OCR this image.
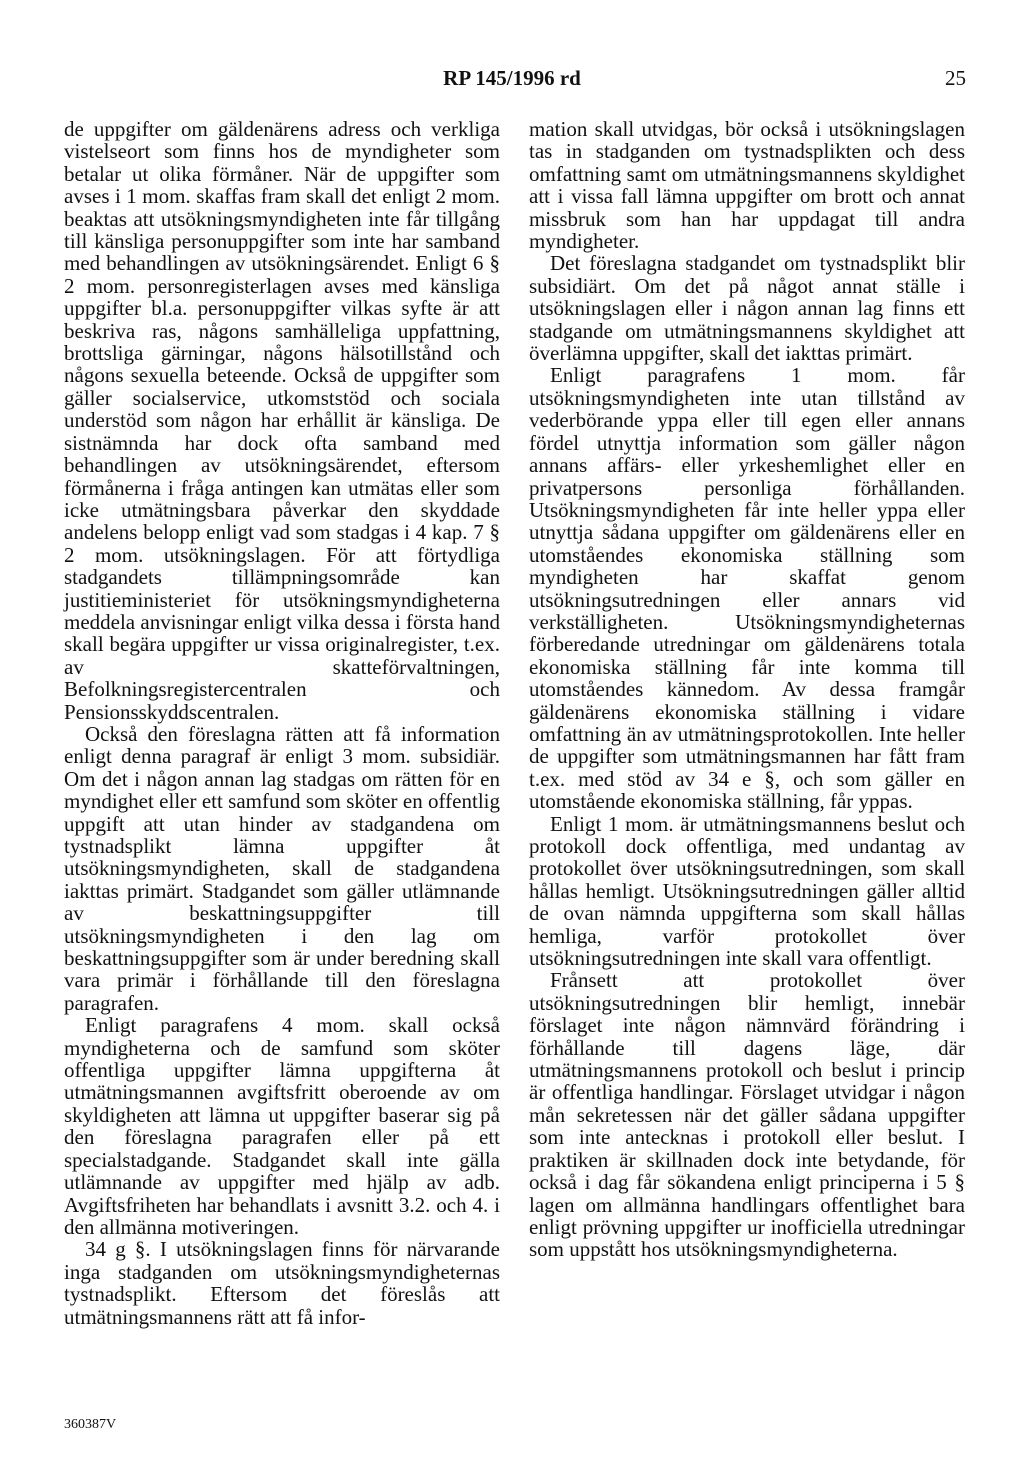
RP 145/1996 rd	25

de uppgifter om gäldenärens adress och verkliga vistelseort som finns hos de myndigheter som betalar ut olika förmåner. När de uppgifter som avses i 1 mom. skaffas fram skall det enligt 2 mom. beaktas att utsökningsmyndigheten inte får tillgång till känsliga personuppgifter som inte har samband med behandlingen av utsökningsärendet. Enligt 6 § 2 mom. personregisterlagen avses med känsliga uppgifter bl.a. personuppgifter vilkas syfte är att beskriva ras, någons samhälleliga uppfattning, brottsliga gärningar, någons hälsotillstånd och någons sexuella beteende. Också de uppgifter som gäller socialservice, utkomststöd och sociala understöd som någon har erhållit är känsliga. De sistnämnda har dock ofta samband med behandlingen av utsökningsärendet, eftersom förmånerna i fråga antingen kan utmätas eller som icke utmätningsbara påverkar den skyddade andelens belopp enligt vad som stadgas i 4 kap. 7 § 2 mom. utsökningslagen. För att förtydliga stadgandets tillämpningsområde kan justitieministeriet för utsökningsmyndigheterna meddela anvisningar enligt vilka dessa i första hand skall begära uppgifter ur vissa originalregister, t.ex. av skatteförvaltningen, Befolkningsregistercentralen och Pensionsskyddscentralen.

Också den föreslagna rätten att få information enligt denna paragraf är enligt 3 mom. subsidiär. Om det i någon annan lag stadgas om rätten för en myndighet eller ett samfund som sköter en offentlig uppgift att utan hinder av stadgandena om tystnadsplikt lämna uppgifter åt utsökningsmyndigheten, skall de stadgandena iakttas primärt. Stadgandet som gäller utlämnande av beskattningsuppgifter till utsökningsmyndigheten i den lag om beskattningsuppgifter som är under beredning skall vara primär i förhållande till den föreslagna paragrafen.

Enligt paragrafens 4 mom. skall också myndigheterna och de samfund som sköter offentliga uppgifter lämna uppgifterna åt utmätningsmannen avgiftsfritt oberoende av om skyldigheten att lämna ut uppgifter baserar sig på den föreslagna paragrafen eller på ett specialstadgande. Stadgandet skall inte gälla utlämnande av uppgifter med hjälp av adb. Avgiftsfriheten har behandlats i avsnitt 3.2. och 4. i den allmänna motiveringen.

34 g §. I utsökningslagen finns för närvarande inga stadganden om utsökningsmyndigheternas tystnadsplikt. Eftersom det föreslås att utmätningsmannens rätt att få infor-

mation skall utvidgas, bör också i utsökningslagen tas in stadganden om tystnadsplikten och dess omfattning samt om utmätningsmannens skyldighet att i vissa fall lämna uppgifter om brott och annat missbruk som han har uppdagat till andra myndigheter.

Det föreslagna stadgandet om tystnadsplikt blir subsidiärt. Om det på något annat ställe i utsökningslagen eller i någon annan lag finns ett stadgande om utmätningsmannens skyldighet att överlämna uppgifter, skall det iakttas primärt.

Enligt paragrafens 1 mom. får utsökningsmyndigheten inte utan tillstånd av vederbörande yppa eller till egen eller annans fördel utnyttja information som gäller någon annans affärs- eller yrkeshemlighet eller en privatpersons personliga förhållanden. Utsökningsmyndigheten får inte heller yppa eller utnyttja sådana uppgifter om gäldenärens eller en utomståendes ekonomiska ställning som myndigheten har skaffat genom utsökningsutredningen eller annars vid verkställigheten. Utsökningsmyndigheternas förberedande utredningar om gäldenärens totala ekonomiska ställning får inte komma till utomståendes kännedom. Av dessa framgår gäldenärens ekonomiska ställning i vidare omfattning än av utmätningsprotokollen. Inte heller de uppgifter som utmätningsmannen har fått fram t.ex. med stöd av 34 e §, och som gäller en utomstående ekonomiska ställning, får yppas.

Enligt 1 mom. är utmätningsmannens beslut och protokoll dock offentliga, med undantag av protokollet över utsökningsutredningen, som skall hållas hemligt. Utsökningsutredningen gäller alltid de ovan nämnda uppgifterna som skall hållas hemliga, varför protokollet över utsökningsutredningen inte skall vara offentligt.

Frånsett att protokollet över utsökningsutredningen blir hemligt, innebär förslaget inte någon nämnvärd förändring i förhållande till dagens läge, där utmätningsmannens protokoll och beslut i princip är offentliga handlingar. Förslaget utvidgar i någon mån sekretessen när det gäller sådana uppgifter som inte antecknas i protokoll eller beslut. I praktiken är skillnaden dock inte betydande, för också i dag får sökandena enligt principerna i 5 § lagen om allmänna handlingars offentlighet bara enligt prövning uppgifter ur inofficiella utredningar som uppstått hos utsökningsmyndigheterna.

360387V
